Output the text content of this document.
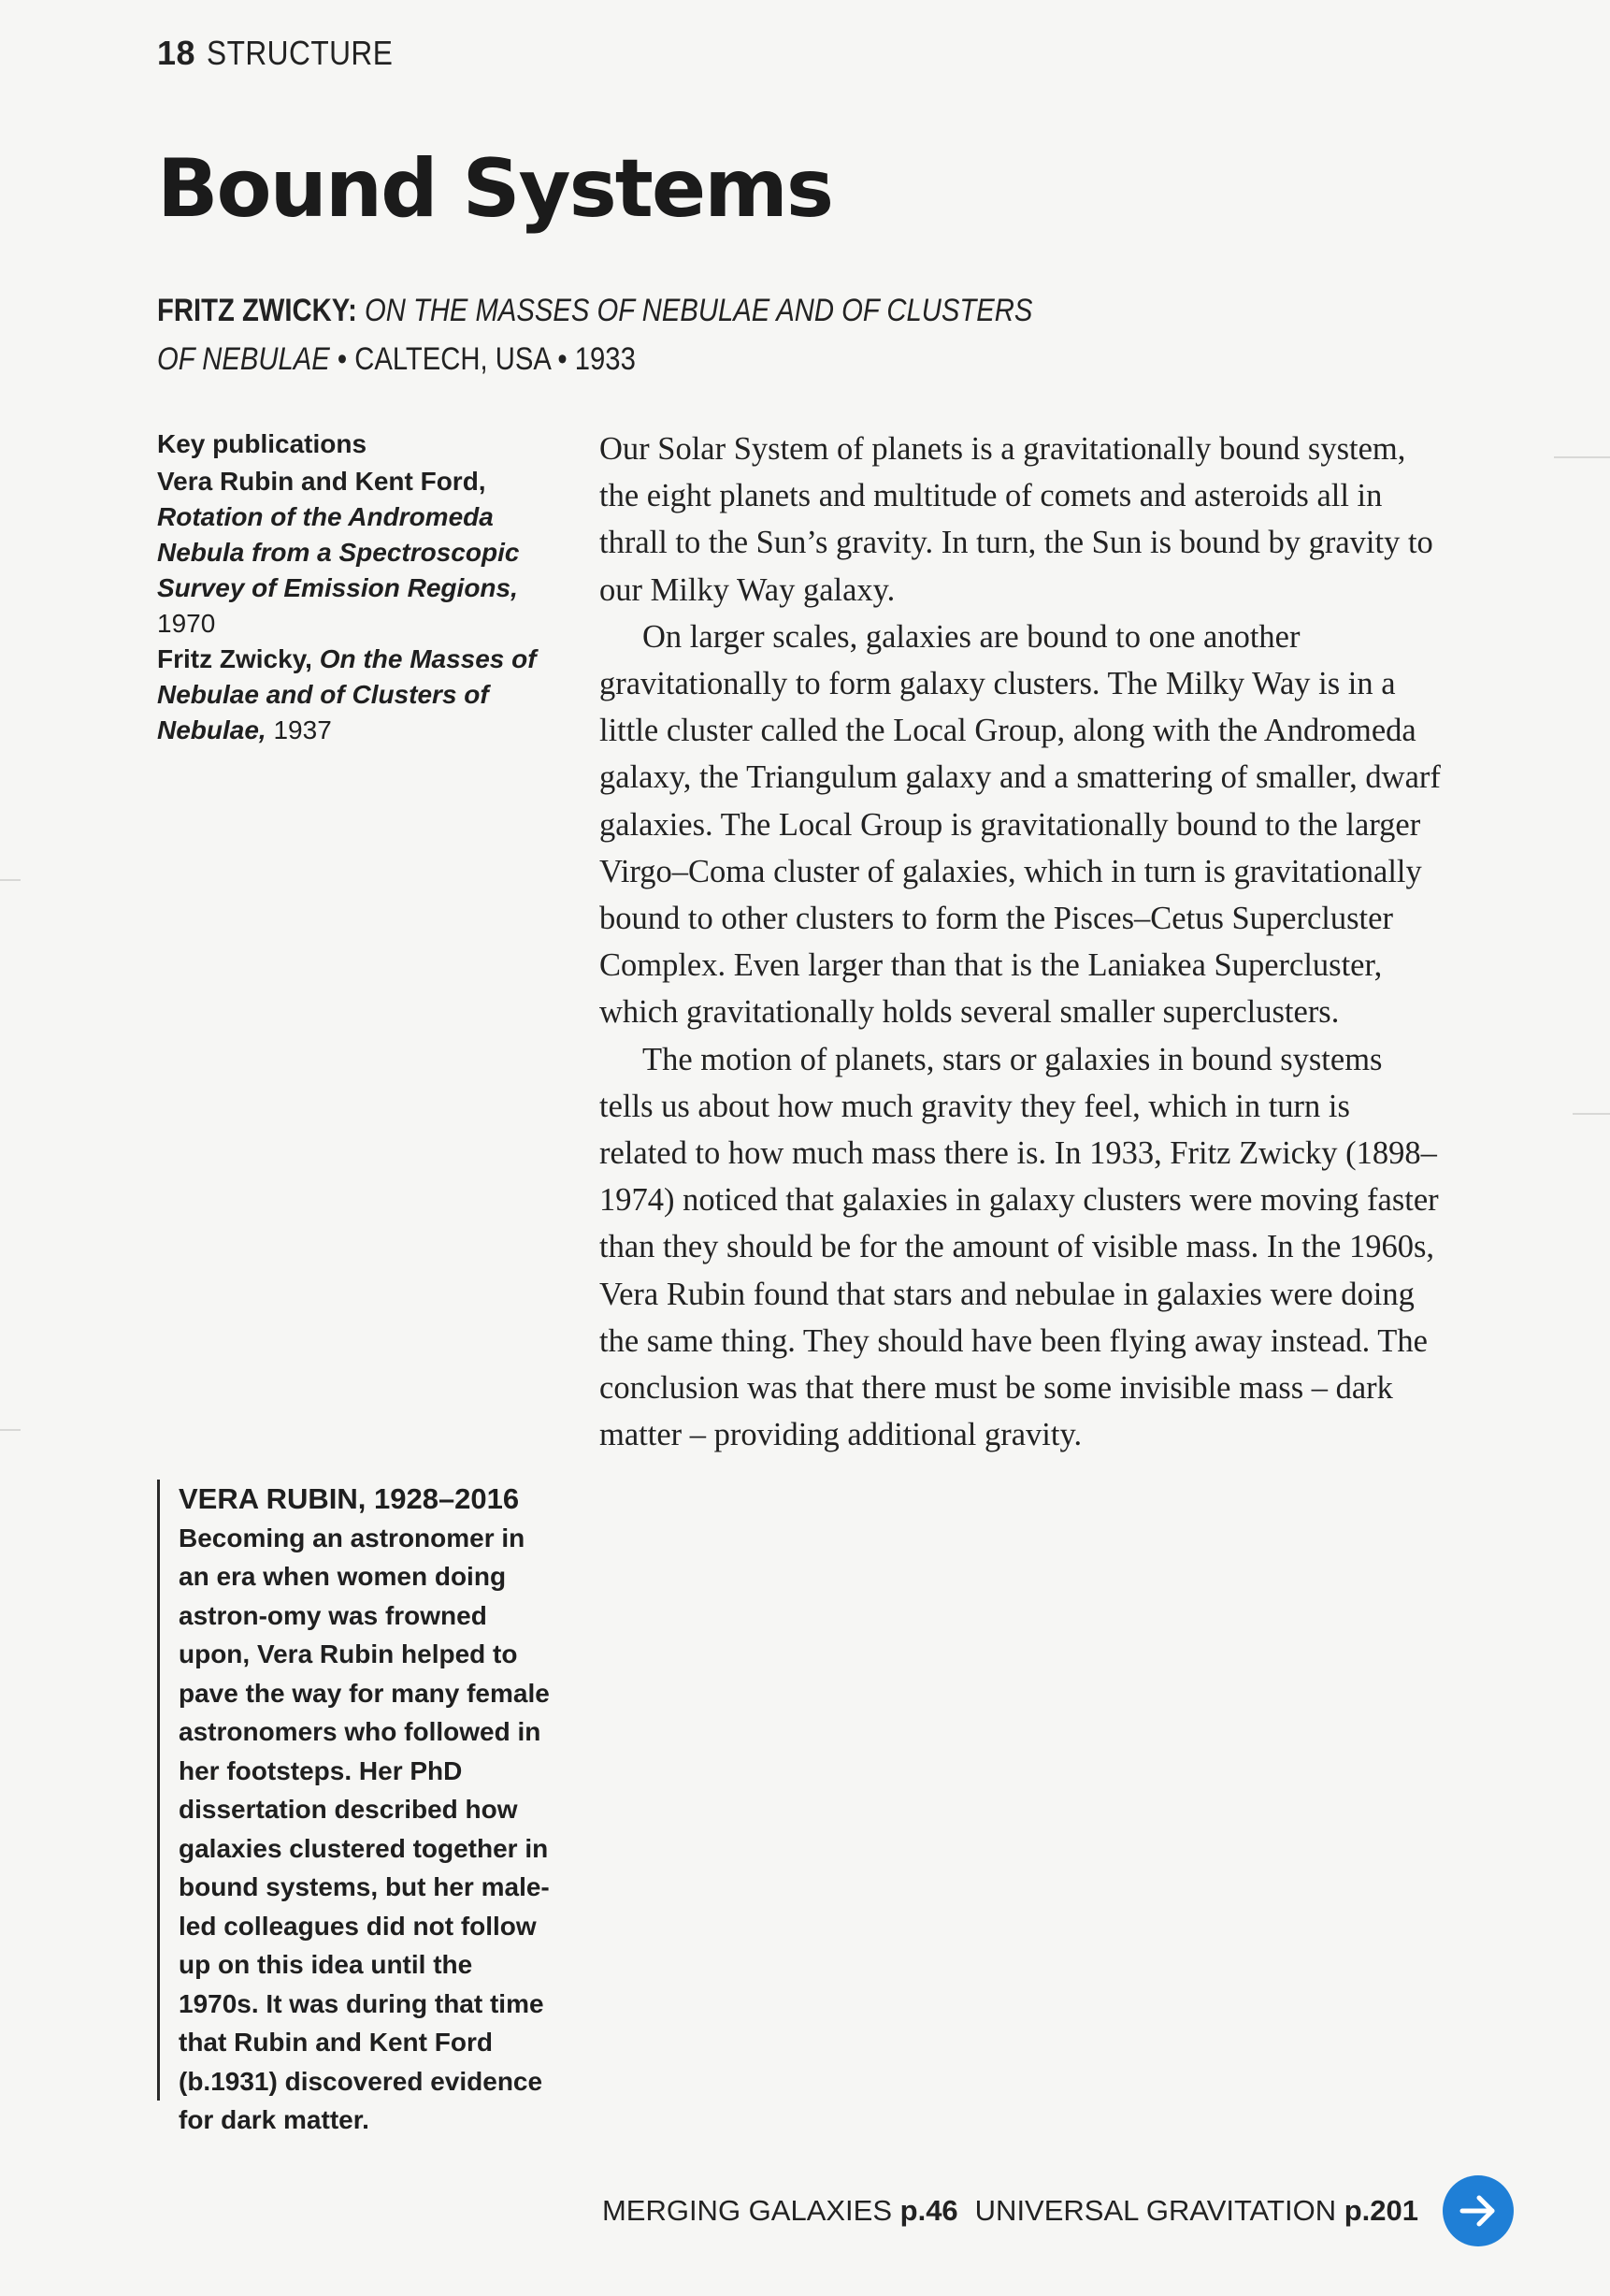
18 STRUCTURE
Bound Systems
FRITZ ZWICKY: ON THE MASSES OF NEBULAE AND OF CLUSTERS
OF NEBULAE • CALTECH, USA • 1933
Key publications
Vera Rubin and Kent Ford, Rotation of the Andromeda Nebula from a Spectroscopic Survey of Emission Regions, 1970
Fritz Zwicky, On the Masses of Nebulae and of Clusters of Nebulae, 1937

Our Solar System of planets is a gravitationally bound system, the eight planets and multitude of comets and asteroids all in thrall to the Sun’s gravity. In turn, the Sun is bound by gravity to our Milky Way galaxy.

On larger scales, galaxies are bound to one another gravitationally to form galaxy clusters. The Milky Way is in a little cluster called the Local Group, along with the Andromeda galaxy, the Triangulum galaxy and a smattering of smaller, dwarf galaxies. The Local Group is gravitationally bound to the larger Virgo–Coma cluster of galaxies, which in turn is gravitationally bound to other clusters to form the Pisces–Cetus Supercluster Complex. Even larger than that is the Laniakea Supercluster, which gravitationally holds several smaller superclusters.

The motion of planets, stars or galaxies in bound systems tells us about how much gravity they feel, which in turn is related to how much mass there is. In 1933, Fritz Zwicky (1898–1974) noticed that galaxies in galaxy clusters were moving faster than they should be for the amount of visible mass. In the 1960s, Vera Rubin found that stars and nebulae in galaxies were doing the same thing. They should have been flying away instead. The conclusion was that there must be some invisible mass – dark matter – providing additional gravity.

VERA RUBIN, 1928–2016
Becoming an astronomer in an era when women doing astron-omy was frowned upon, Vera Rubin helped to pave the way for many female astronomers who followed in her footsteps. Her PhD dissertation described how galaxies clustered together in bound systems, but her male-led colleagues did not follow up on this idea until the 1970s. It was during that time that Rubin and Kent Ford (b.1931) discovered evidence for dark matter.
MERGING GALAXIES p.46 UNIVERSAL GRAVITATION p.201
